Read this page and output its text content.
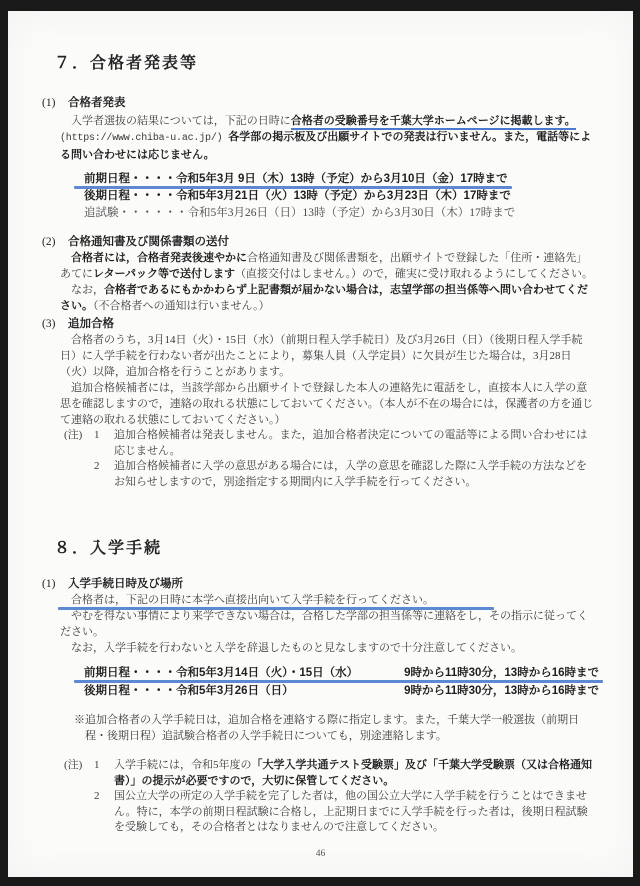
７．合格者発表等
(1)	合格者発表

入学者選抜の結果については，下記の日時に合格者の受験番号を千葉大学ホームページに掲載します。(https://www.chiba-u.ac.jp/) 各学部の掲示板及び出願サイトでの発表は行いません。また，電話等による問い合わせには応じません。

前期日程・・・・令和5年3月 9日（木）13時（予定）から3月10日（金）17時まで
後期日程・・・・令和5年3月21日（火）13時（予定）から3月23日（木）17時まで
追試験・・・・・・令和5年3月26日（日）13時（予定）から3月30日（木）17時まで
(2)	合格通知書及び関係書類の送付

合格者には，合格者発表後速やかに合格通知書及び関係書類を，出願サイトで登録した「住所・連絡先」あてにレターパック等で送付します（直接交付はしません。）ので，確実に受け取れるようにしてください。

なお，合格者であるにもかかわらず上記書類が届かない場合は，志望学部の担当係等へ問い合わせてください。（不合格者への通知は行いません。）

(3)	追加合格

合格者のうち，3月14日（火）・15日（水）（前期日程入学手続日）及び3月26日（日）（後期日程入学手続日）に入学手続を行わない者が出たことにより，募集人員（入学定員）に欠員が生じた場合は，3月28日（火）以降，追加合格を行うことがあります。

追加合格候補者には，当該学部から出願サイトで登録した本人の連絡先に電話をし，直接本人に入学の意思を確認しますので，連絡の取れる状態にしておいてください。（本人が不在の場合には，保護者の方を通じて連絡の取れる状態にしておいてください。）

(注)	1	追加合格候補者は発表しません。また，追加合格者決定についての電話等による問い合わせには応じません。
2	追加合格候補者に入学の意思がある場合には，入学の意思を確認した際に入学手続の方法などをお知らせしますので，別途指定する期間内に入学手続を行ってください。
８．入学手続
(1)	入学手続日時及び場所

合格者は，下記の日時に本学へ直接出向いて入学手続を行ってください。

やむを得ない事情により来学できない場合は，合格した学部の担当係等に連絡をし，その指示に従ってください。

なお，入学手続を行わないと入学を辞退したものと見なしますので十分注意してください。

前期日程・・・・令和5年3月14日（火）・15日（水）	9時から11時30分，13時から16時まで
後期日程・・・・令和5年3月26日（日）	9時から11時30分，13時から16時まで

※追加合格者の入学手続日は，追加合格を連絡する際に指定します。また，千葉大学一般選抜（前期日程・後期日程）追試験合格者の入学手続日についても，別途連絡します。

(注)	1	入学手続には，令和5年度の「大学入学共通テスト受験票」及び「千葉大学受験票（又は合格通知書）」の提示が必要ですので，大切に保管してください。
2	国公立大学の所定の入学手続を完了した者は，他の国公立大学に入学手続を行うことはできません。特に，本学の前期日程試験に合格し，上記期日までに入学手続を行った者は，後期日程試験を受験しても，その合格者とはなりませんので注意してください。
46
